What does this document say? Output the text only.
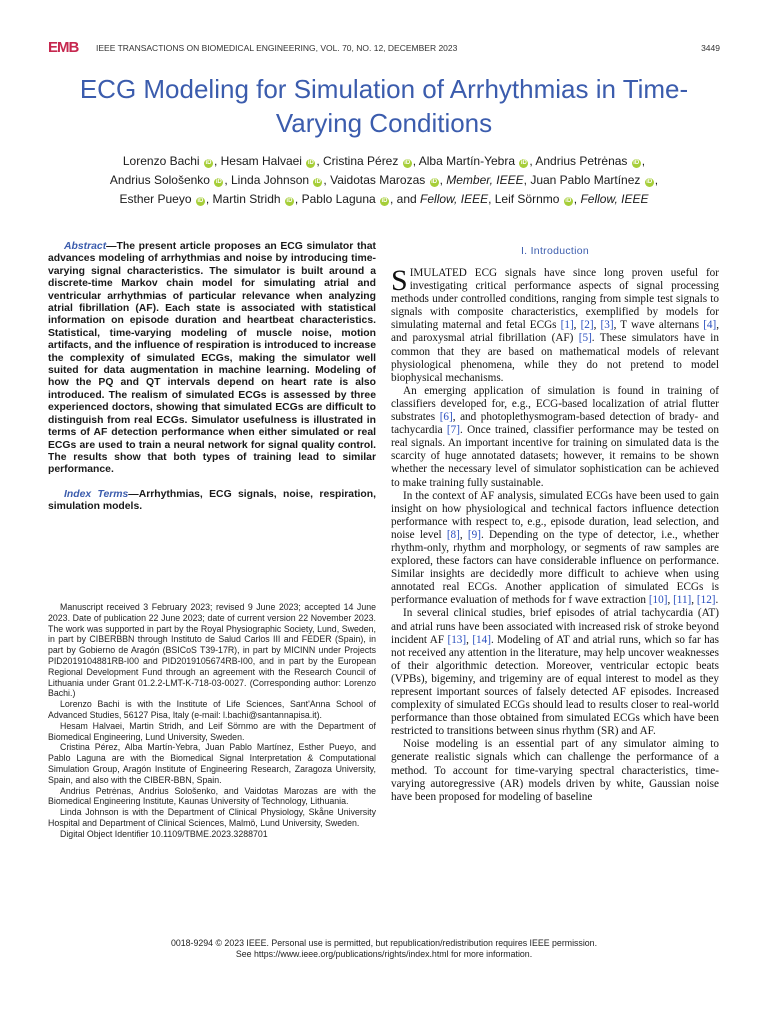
EMB IEEE TRANSACTIONS ON BIOMEDICAL ENGINEERING, VOL. 70, NO. 12, DECEMBER 2023	3449
ECG Modeling for Simulation of Arrhythmias in Time-Varying Conditions
Lorenzo Bachi iD , Hesam Halvaei iD , Cristina Pérez iD , Alba Martín-Yebra iD , Andrius Petrėnas iD ,
Andrius Sološenko iD , Linda Johnson iD , Vaidotas Marozas iD , Member, IEEE, Juan Pablo Martínez iD ,
Esther Pueyo iD , Martin Stridh iD , Pablo Laguna iD , and Fellow, IEEE, Leif Sörnmo iD , Fellow, IEEE

Abstract—The present article proposes an ECG simulator that advances modeling of arrhythmias and noise by introducing time-varying signal characteristics. The simulator is built around a discrete-time Markov chain model for simulating atrial and ventricular arrhythmias of particular relevance when analyzing atrial fibrillation (AF). Each state is associated with statistical information on episode duration and heartbeat characteristics. Statistical, time-varying modeling of muscle noise, motion artifacts, and the influence of respiration is introduced to increase the complexity of simulated ECGs, making the simulator well suited for data augmentation in machine learning. Modeling of how the PQ and QT intervals depend on heart rate is also introduced. The realism of simulated ECGs is assessed by three experienced doctors, showing that simulated ECGs are difficult to distinguish from real ECGs. Simulator usefulness is illustrated in terms of AF detection performance when either simulated or real ECGs are used to train a neural network for signal quality control. The results show that both types of training lead to similar performance.

Index Terms—Arrhythmias, ECG signals, noise, respiration, simulation models.

Manuscript received 3 February 2023; revised 9 June 2023; accepted 14 June 2023. Date of publication 22 June 2023; date of current version 22 November 2023. The work was supported in part by the Royal Physiographic Society, Lund, Sweden, in part by CIBERBBN through Instituto de Salud Carlos III and FEDER (Spain), in part by Gobierno de Aragón (BSICoS T39-17R), in part by MICINN under Projects PID2019104881RB-I00 and PID2019105674RB-I00, and in part by the European Regional Development Fund through an agreement with the Research Council of Lithuania under Grant 01.2.2-LMT-K-718-03-0027. (Corresponding author: Lorenzo Bachi.)

Lorenzo Bachi is with the Institute of Life Sciences, Sant'Anna School of Advanced Studies, 56127 Pisa, Italy (e-mail: l.bachi@santannapisa.it).

Hesam Halvaei, Martin Stridh, and Leif Sörnmo are with the Department of Biomedical Engineering, Lund University, Sweden.

Cristina Pérez, Alba Martín-Yebra, Juan Pablo Martínez, Esther Pueyo, and Pablo Laguna are with the Biomedical Signal Interpretation & Computational Simulation Group, Aragón Institute of Engineering Research, Zaragoza University, Spain, and also with the CIBER-BBN, Spain.

Andrius Petrėnas, Andrius Sološenko, and Vaidotas Marozas are with the Biomedical Engineering Institute, Kaunas University of Technology, Lithuania.

Linda Johnson is with the Department of Clinical Physiology, Skåne University Hospital and Department of Clinical Sciences, Malmö, Lund University, Sweden.

Digital Object Identifier 10.1109/TBME.2023.3288701

I. Introduction

SIMULATED ECG signals have since long proven useful for investigating critical performance aspects of signal processing methods under controlled conditions, ranging from simple test signals to signals with composite characteristics, exemplified by models for simulating maternal and fetal ECGs [1], [2], [3], T wave alternans [4], and paroxysmal atrial fibrillation (AF) [5]. These simulators have in common that they are based on mathematical models of relevant physiological phenomena, while they do not pretend to model biophysical mechanisms.

An emerging application of simulation is found in training of classifiers developed for, e.g., ECG-based localization of atrial flutter substrates [6], and photoplethysmogram-based detection of brady- and tachycardia [7]. Once trained, classifier performance may be tested on real signals. An important incentive for training on simulated data is the scarcity of huge annotated datasets; however, it remains to be shown whether the necessary level of simulator sophistication can be achieved to make training fully sustainable.

In the context of AF analysis, simulated ECGs have been used to gain insight on how physiological and technical factors influence detection performance with respect to, e.g., episode duration, lead selection, and noise level [8], [9]. Depending on the type of detector, i.e., whether rhythm-only, rhythm and morphology, or segments of raw samples are explored, these factors can have considerable influence on performance. Similar insights are decidedly more difficult to achieve when using annotated real ECGs. Another application of simulated ECGs is performance evaluation of methods for f wave extraction [10], [11], [12].

In several clinical studies, brief episodes of atrial tachycardia (AT) and atrial runs have been associated with increased risk of stroke beyond incident AF [13], [14]. Modeling of AT and atrial runs, which so far has not received any attention in the literature, may help uncover weaknesses of their algorithmic detection. Moreover, ventricular ectopic beats (VPBs), bigeminy, and trigeminy are of equal interest to model as they represent important sources of falsely detected AF episodes. Increased complexity of simulated ECGs should lead to results closer to real-world performance than those obtained from simulated ECGs which have been restricted to transitions between sinus rhythm (SR) and AF.

Noise modeling is an essential part of any simulator aiming to generate realistic signals which can challenge the performance of a method. To account for time-varying spectral characteristics, time-varying autoregressive (AR) models driven by white, Gaussian noise have been proposed for modeling of baseline

0018-9294 © 2023 IEEE. Personal use is permitted, but republication/redistribution requires IEEE permission.
See https://www.ieee.org/publications/rights/index.html for more information.
